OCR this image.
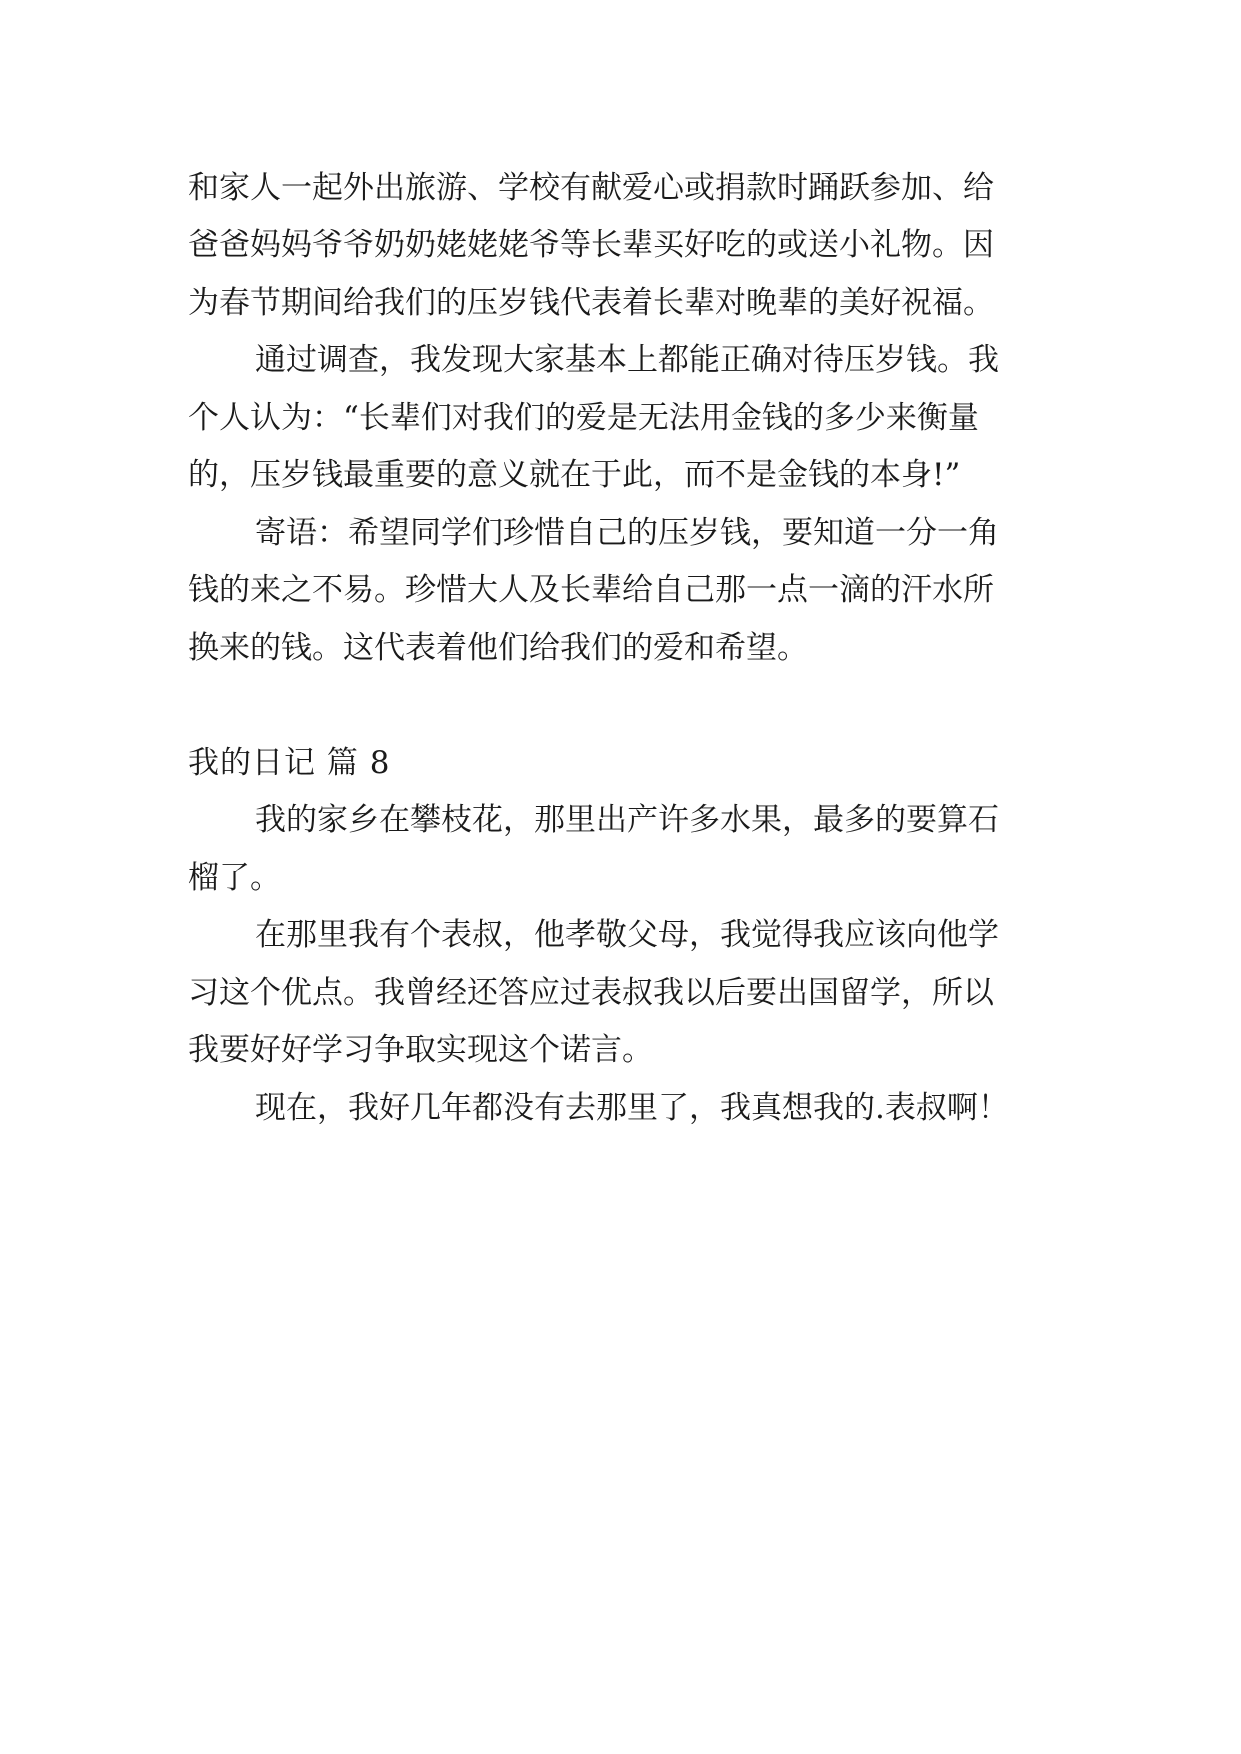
和家人一起外出旅游、学校有献爱心或捐款时踊跃参加、给
爸爸妈妈爷爷奶奶姥姥姥爷等长辈买好吃的或送小礼物。因
为春节期间给我们的压岁钱代表着长辈对晚辈的美好祝福。
通过调查，我发现大家基本上都能正确对待压岁钱。我
个人认为：“长辈们对我们的爱是无法用金钱的多少来衡量
的，压岁钱最重要的意义就在于此，而不是金钱的本身!”
寄语：希望同学们珍惜自己的压岁钱，要知道一分一角
钱的来之不易。珍惜大人及长辈给自己那一点一滴的汗水所
换来的钱。这代表着他们给我们的爱和希望。
我的日记 篇 8
我的家乡在攀枝花，那里出产许多水果，最多的要算石
榴了。
在那里我有个表叔，他孝敬父母，我觉得我应该向他学
习这个优点。我曾经还答应过表叔我以后要出国留学，所以
我要好好学习争取实现这个诺言。
现在，我好几年都没有去那里了，我真想我的.表叔啊！
